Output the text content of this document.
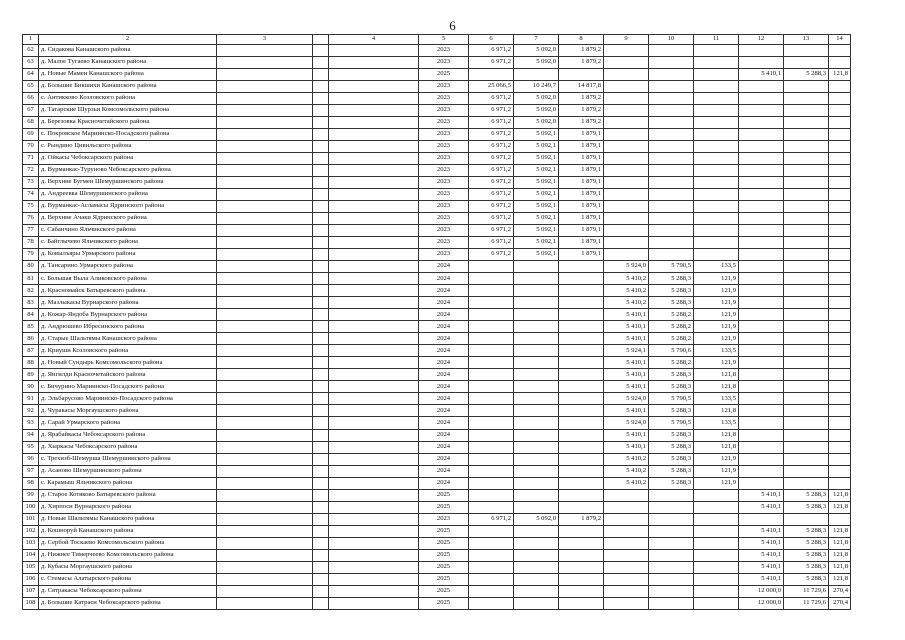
6
1	2	3		4	5	6	7	8	9	10	11	12	13	14
62	д. Сидакова Канашского района				2023	6 971,2	5 092,0	1 879,2						
63	д. Малое Тугаево Канашского района				2023	6 971,2	5 092,0	1 879,2						
64	д. Новые Мамеи Канашского района				2025							5 410,1	5 288,3	121,8
65	д. Большие Бикшихи Канашского района				2023	25 066,5	10 249,7	14 817,8						
66	с. Антикково Козловского района				2023	6 971,2	5 092,0	1 879,2						
67	д. Татарские Шурзьи Комсомольского района				2023	6 971,2	5 092,0	1 879,2						
68	д. Березовка Красночетайского района				2023	6 971,2	5 092,0	1 879,2						
69	с. Покровское Мариинско-Посадского района				2023	6 971,2	5 092,1	1 879,1						
70	с. Рындино Цивильского района				2023	6 971,2	5 092,1	1 879,1						
71	д. Ойкасы Чебоксарского района				2023	6 971,2	5 092,1	1 879,1						
72	д. Вурманкас-Туруново Чебоксарского района				2023	6 971,2	5 092,1	1 879,1						
73	д. Верхние Бугмеи Шемуршинского района				2023	6 971,2	5 092,1	1 879,1						
74	д. Андреевка Шемуршинского района				2023	6 971,2	5 092,1	1 879,1						
75	д. Вурманкас-Асламасы Ядринского района				2023	6 971,2	5 092,1	1 879,1						
76	д. Верхние Ачаки Ядринского района				2023	6 971,2	5 092,1	1 879,1						
77	с. Сабанчино Яльчикского района				2023	6 971,2	5 092,1	1 879,1						
78	с. Байглычево Яльчикского района				2023	6 971,2	5 092,1	1 879,1						
79	д. Ковылъяры Урмарского района				2023	6 971,2	5 092,1	1 879,1						
80	д. Тансарино Урмарского района				2024				5 924,0	5 790,5	133,5			
81	с. Большая Выла Аликовского района				2024				5 410,2	5 288,3	121,9			
82	д. Красномайск Батыревского района				2024				5 410,2	5 288,3	121,9			
83	д. Мазлыкасы Вурнарского района				2024				5 410,2	5 288,3	121,9			
84	д. Кожар-Яндоба Вурнарского района				2024				5 410,1	5 288,2	121,9			
85	д. Андрюшево Ибресинского района				2024				5 410,1	5 288,2	121,9			
86	д. Старые Шальтямы Канашского района				2024				5 410,1	5 288,2	121,9			
87	д. Криуши Козловского района				2024				5 924,1	5 790,6	133,5			
88	д. Новый Сундырь Комсомольского района				2024				5 410,1	5 288,2	121,9			
89	д. Янгилди Красночетайского района				2024				5 410,1	5 288,3	121,8			
90	с. Бичурино Мариинско-Посадского района				2024				5 410,1	5 288,3	121,8			
91	д. Эльбарусово Мариинско-Посадского района				2024				5 924,0	5 790,5	133,5			
92	д. Чуракасы Моргаушского района				2024				5 410,1	5 288,3	121,8			
93	д. Сарай Урмарского района				2024				5 924,0	5 790,5	133,5			
94	д. Ярабайкасы Чебоксарского района				2024				5 410,1	5 288,3	121,8			
95	д. Хыркасы Чебоксарского района				2024				5 410,1	5 288,3	121,8			
96	с. Трехизб-Шемурша Шемуршинского района				2024				5 410,2	5 288,3	121,9			
97	д. Асаново Шемуршинского района				2024				5 410,2	5 288,3	121,9			
98	с. Карамыш Яльчикского района				2024				5 410,2	5 288,3	121,9			
99	д. Старое Котяково Батыревского района				2025							5 410,1	5 288,3	121,8
100	д. Хирпоси Вурнарского района				2025							5 410,1	5 288,3	121,8
101	д. Новые Шальтямы Канашского района				2023	6 971,2	5 092,0	1 879,2						
102	д. Кошноруй Канашского района				2025							5 410,1	5 288,3	121,8
103	д. Сербой Тоскаево Комсомольского района				2025							5 410,1	5 288,3	121,8
104	д. Нижнее Тимерчеево Комсомольского района				2025							5 410,1	5 288,3	121,8
105	д. Кубасы Моргаушского района				2025							5 410,1	5 288,3	121,8
106	с. Стемасы Алатырского района				2025							5 410,1	5 288,3	121,8
107	д. Сятракасы Чебоксарского района				2025							12 000,0	11 729,6	270,4
108	д. Большие Катраси Чебоксарского района				2025							12 000,0	11 729,6	270,4
